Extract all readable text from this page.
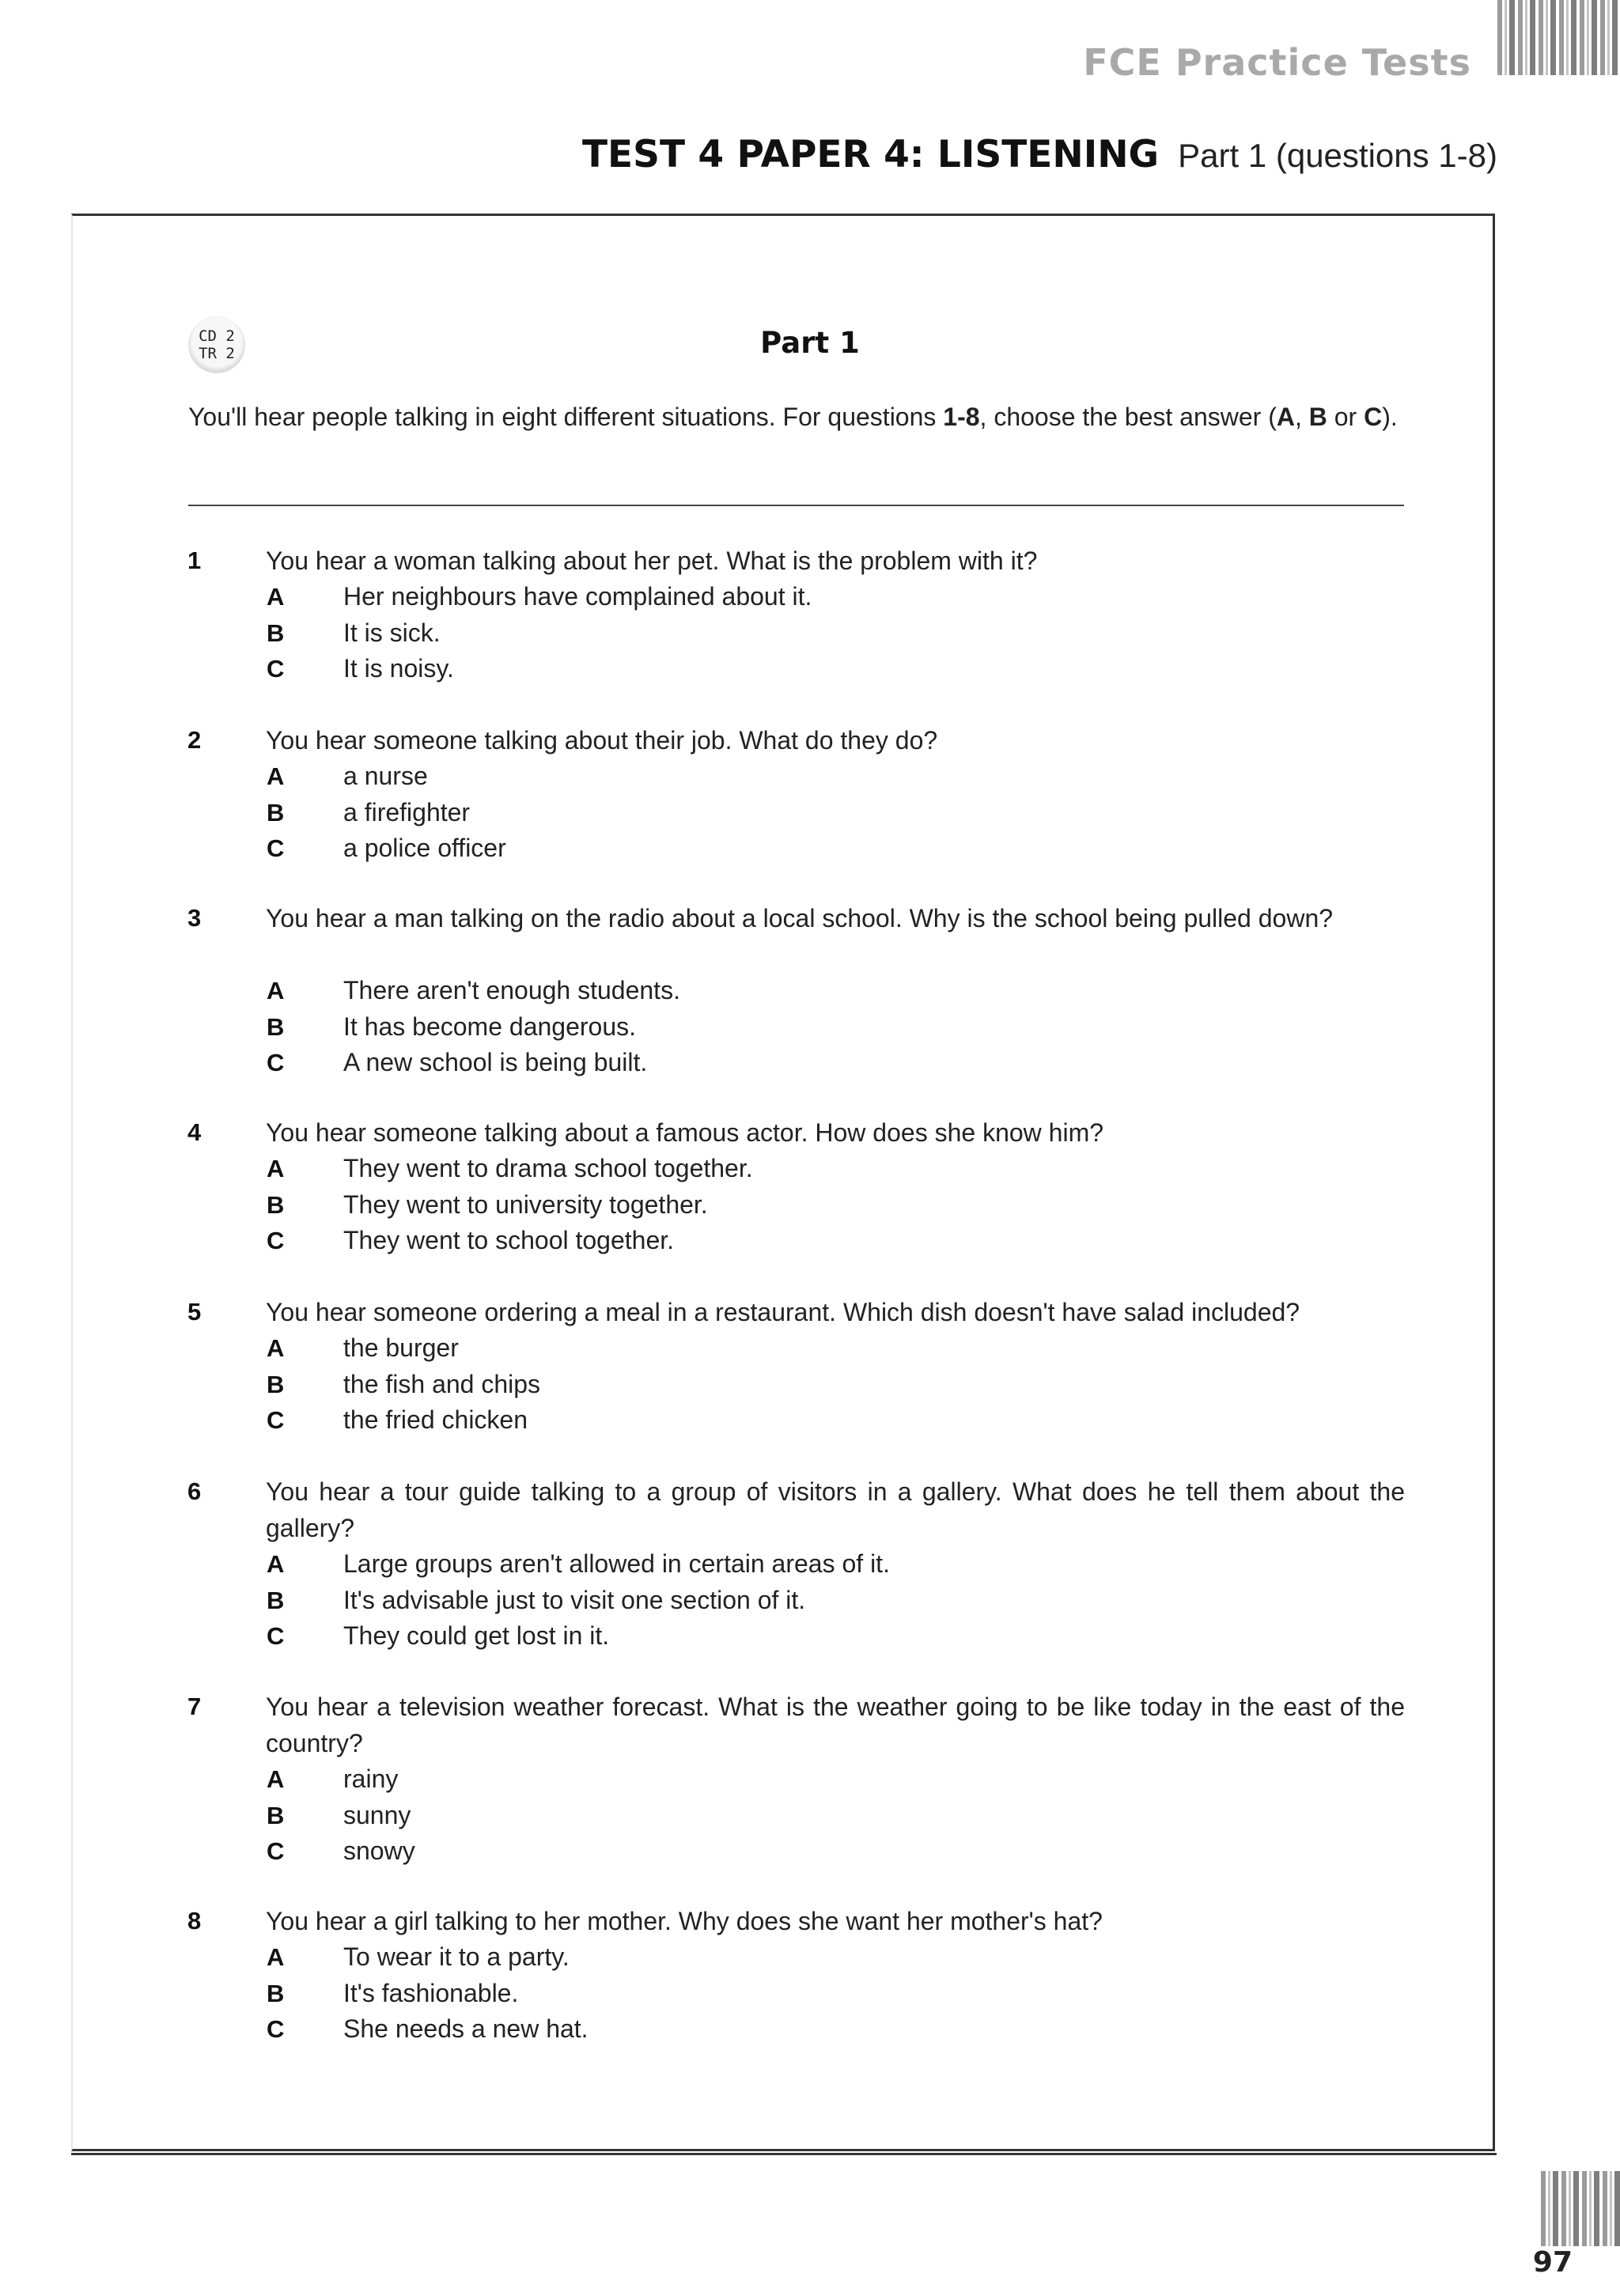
FCE Practice Tests
TEST 4 PAPER 4: LISTENING Part 1 (questions 1-8)
CD 2
TR 2	Part 1
You'll hear people talking in eight different situations. For questions 1-8, choose the best answer (A, B or C).
1	You hear a woman talking about her pet. What is the problem with it?
A Her neighbours have complained about it.
B It is sick.
C It is noisy.
2	You hear someone talking about their job. What do they do?
A a nurse
B a firefighter
C a police officer
3	You hear a man talking on the radio about a local school. Why is the school being pulled down?
A There aren't enough students.
B It has become dangerous.
C A new school is being built.
4	You hear someone talking about a famous actor. How does she know him?
A They went to drama school together.
B They went to university together.
C They went to school together.
5	You hear someone ordering a meal in a restaurant. Which dish doesn't have salad included?
A the burger
B the fish and chips
C the fried chicken
6	You hear a tour guide talking to a group of visitors in a gallery. What does he tell them about the gallery?
A Large groups aren't allowed in certain areas of it.
B It's advisable just to visit one section of it.
C They could get lost in it.
7	You hear a television weather forecast. What is the weather going to be like today in the east of the country?
A rainy
B sunny
C snowy
8	You hear a girl talking to her mother. Why does she want her mother's hat?
A To wear it to a party.
B It's fashionable.
C She needs a new hat.
97
